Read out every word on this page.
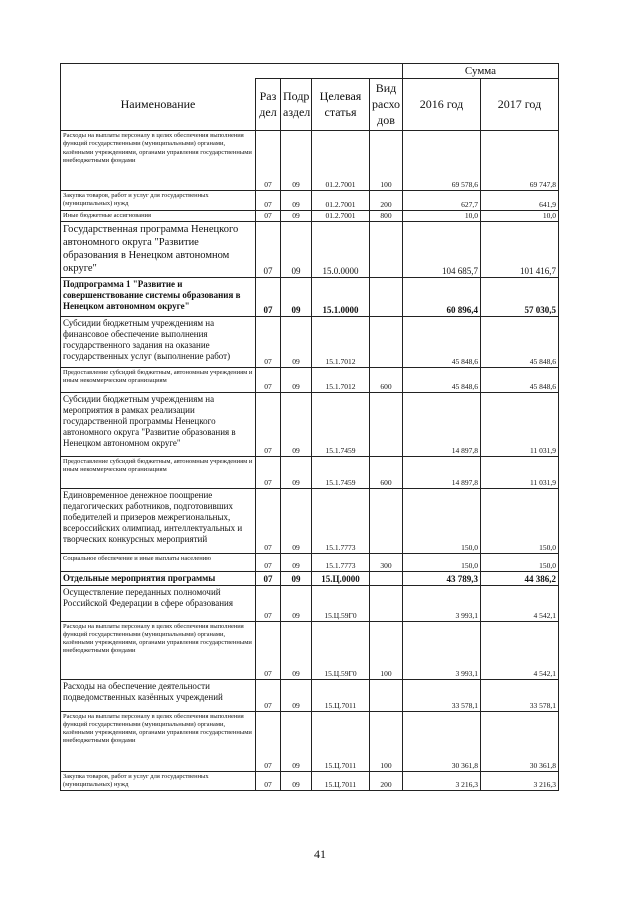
					Сумма	
Наименование	Раз дел	Подр аздел	Целевая статья	Вид расхо дов	2016 год	2017 год
Расходы на выплаты персоналу в целях обеспечения выполнения функций государственными (муниципальными) органами, казёнными учреждениями, органами управления государственными внебюджетными фондами	07	09	01.2.7001	100	69 578,6	69 747,8
Закупка товаров, работ и услуг для государственных (муниципальных) нужд	07	09	01.2.7001	200	627,7	641,9
Иные бюджетные ассигнования	07	09	01.2.7001	800	10,0	10,0
Государственная программа Ненецкого автономного округа "Развитие образования в Ненецком автономном округе"	07	09	15.0.0000		104 685,7	101 416,7
Подпрограмма 1 "Развитие и совершенствование системы образования в Ненецком автономном округе"	07	09	15.1.0000		60 896,4	57 030,5
Субсидии бюджетным учреждениям на финансовое обеспечение выполнения государственного задания на оказание государственных услуг (выполнение работ)	07	09	15.1.7012		45 848,6	45 848,6
Предоставление субсидий бюджетным, автономным учреждениям и иным некоммерческим организациям	07	09	15.1.7012	600	45 848,6	45 848,6
Субсидии бюджетным учреждениям на мероприятия в рамках реализации государственной программы Ненецкого автономного округа "Развитие образования в Ненецком автономном округе"	07	09	15.1.7459		14 897,8	11 031,9
Предоставление субсидий бюджетным, автономным учреждениям и иным некоммерческим организациям	07	09	15.1.7459	600	14 897,8	11 031,9
Единовременное денежное поощрение педагогических работников, подготовивших победителей и призеров межрегиональных, всероссийских олимпиад, интеллектуальных и творческих конкурсных мероприятий	07	09	15.1.7773		150,0	150,0
Социальное обеспечение и иные выплаты населению	07	09	15.1.7773	300	150,0	150,0
Отдельные мероприятия программы	07	09	15.Ц.0000		43 789,3	44 386,2
Осуществление переданных полномочий Российской Федерации в сфере образования	07	09	15.Ц.59Г0		3 993,1	4 542,1
Расходы на выплаты персоналу в целях обеспечения выполнения функций государственными (муниципальными) органами, казёнными учреждениями, органами управления государственными внебюджетными фондами	07	09	15.Ц.59Г0	100	3 993,1	4 542,1
Расходы на обеспечение деятельности подведомственных казённых учреждений	07	09	15.Ц.7011		33 578,1	33 578,1
Расходы на выплаты персоналу в целях обеспечения выполнения функций государственными (муниципальными) органами, казёнными учреждениями, органами управления государственными внебюджетными фондами	07	09	15.Ц.7011	100	30 361,8	30 361,8
Закупка товаров, работ и услуг для государственных (муниципальных) нужд	07	09	15.Ц.7011	200	3 216,3	3 216,3
41
